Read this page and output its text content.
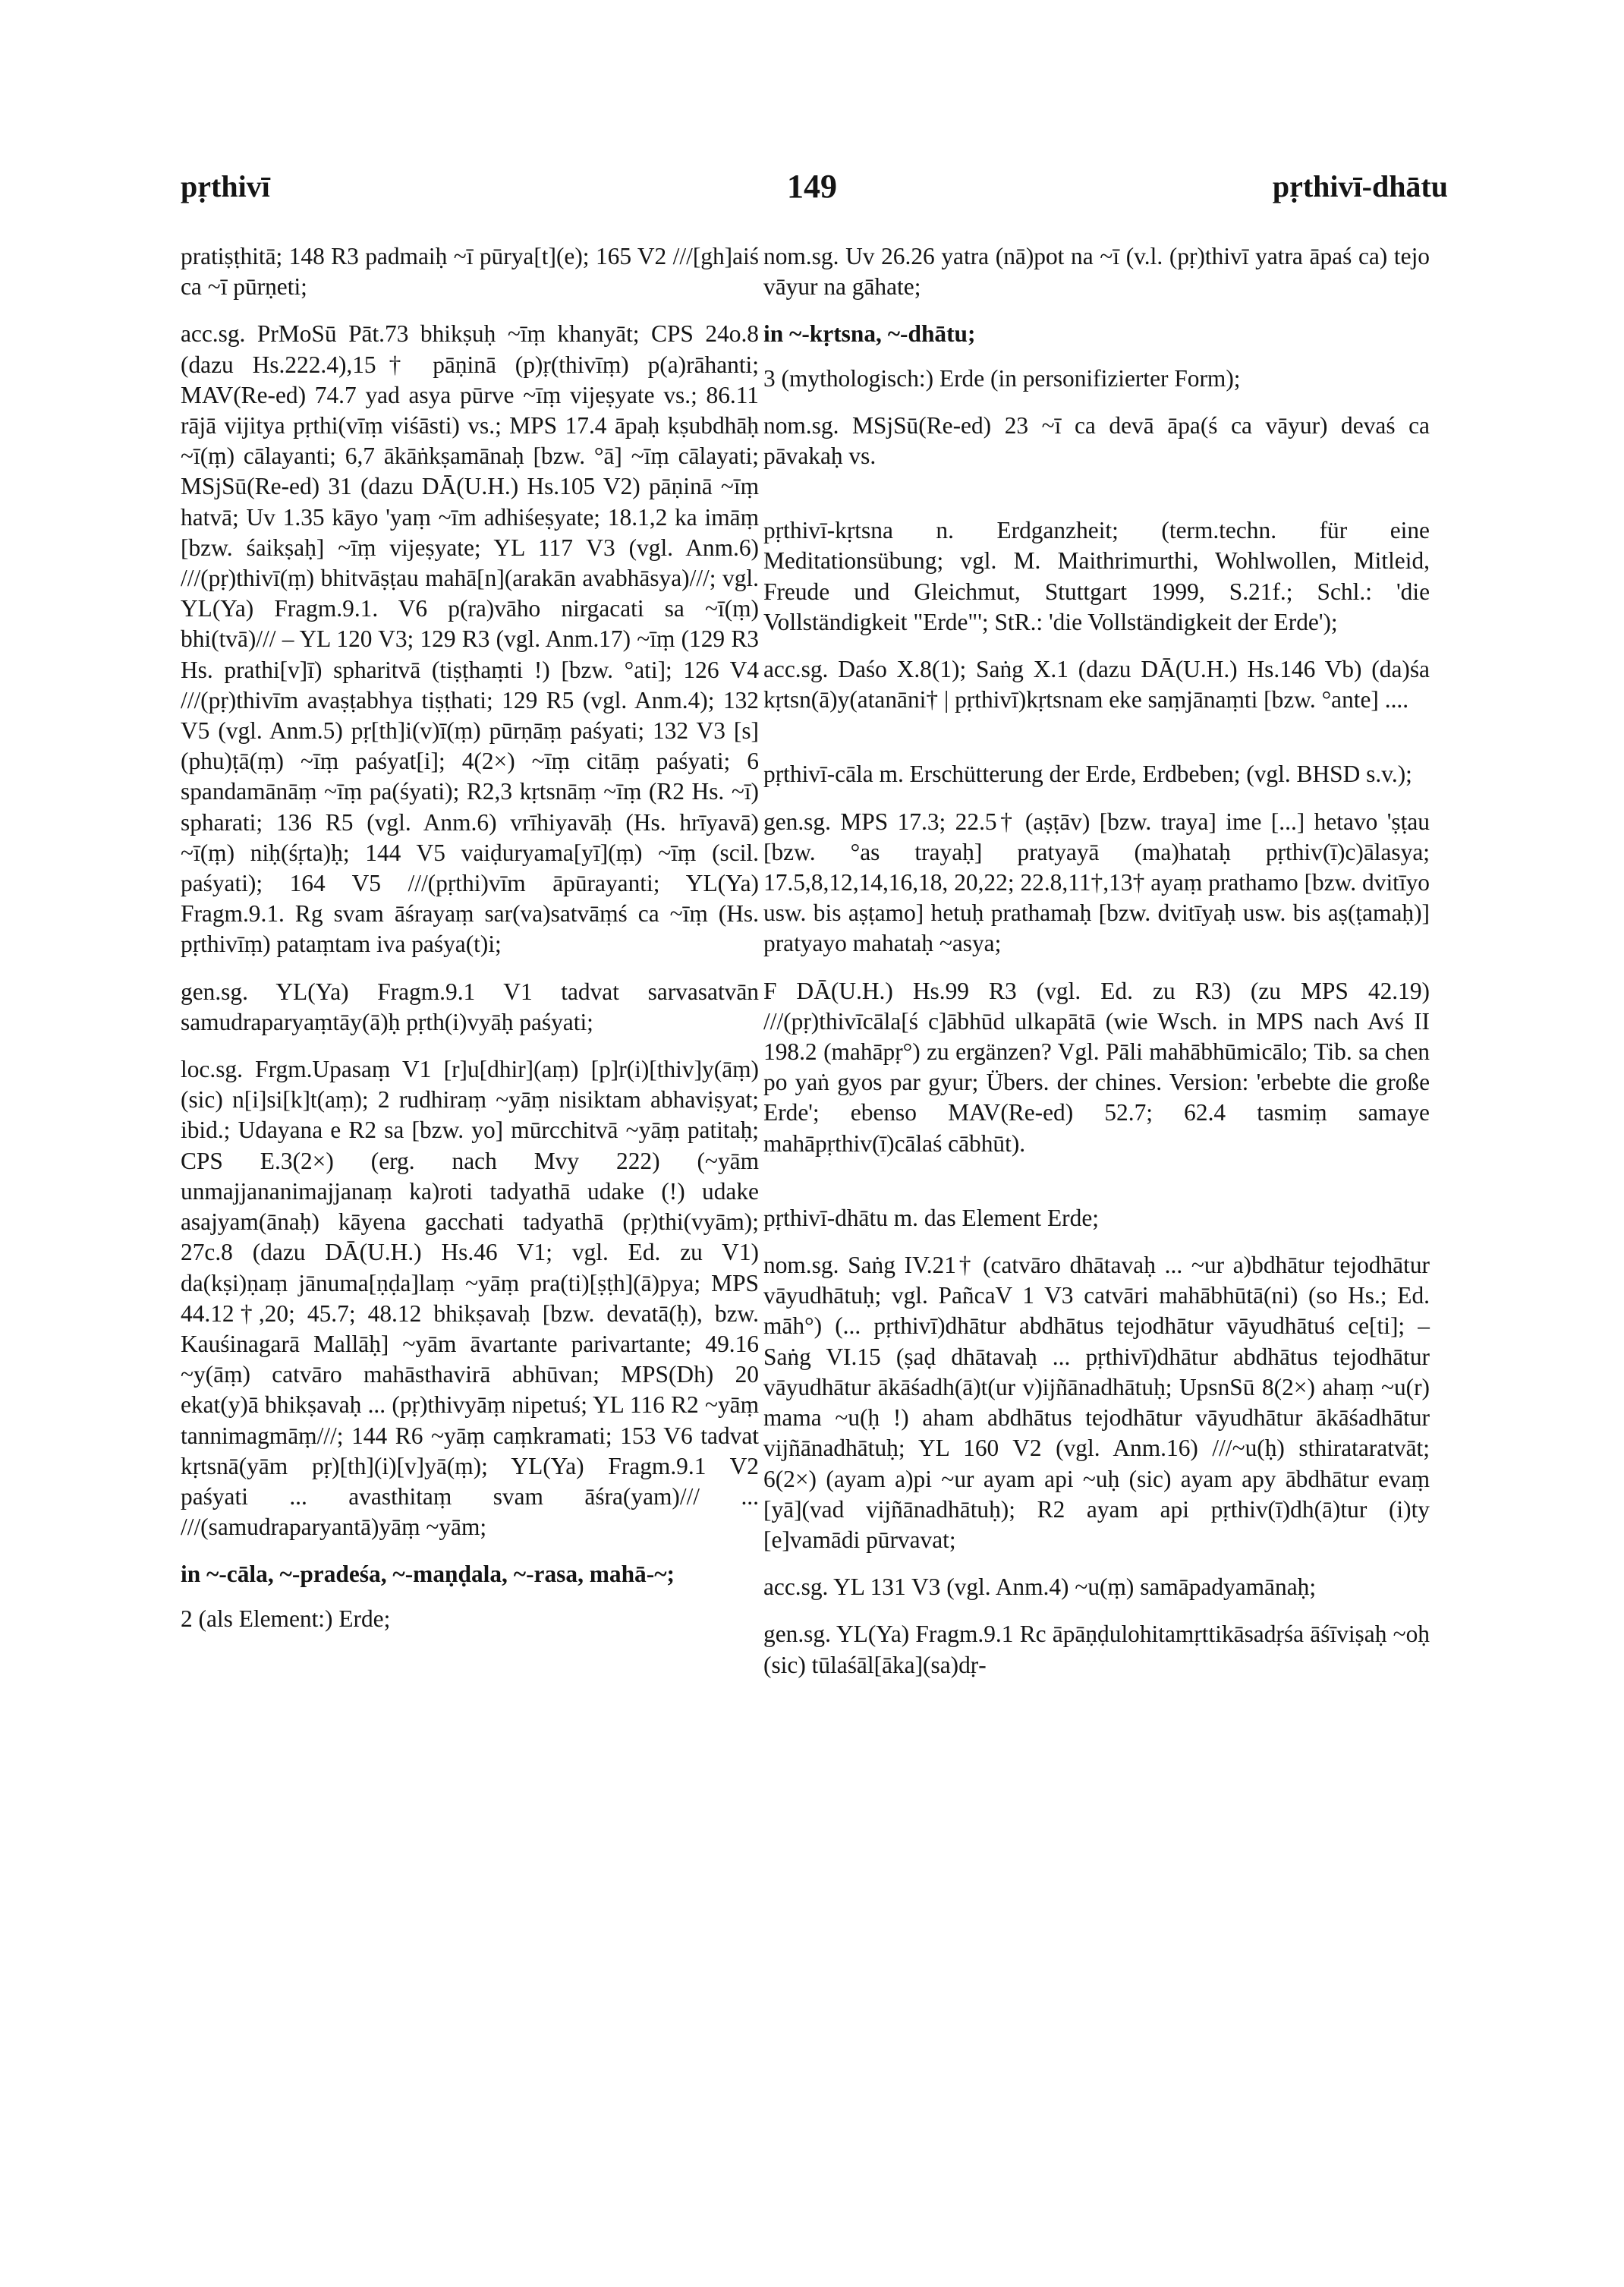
pṛthivī	149	pṛthivī-dhātu

pratiṣṭhitā; 148 R3 padmaiḥ ~ī pūrya[t](e); 165 V2 ///[gh]aiś ca ~ī pūrṇeti;

acc.sg. PrMoSū Pāt.73 bhikṣuḥ ~īṃ khanyāt; CPS 24o.8 (dazu Hs.222.4),15† pāṇinā (p)ṛ(thivīṃ) p(a)rāhanti; MAV(Re-ed) 74.7 yad asya pūrve ~īṃ vijeṣyate vs.; 86.11 rājā vijitya pṛthi(vīṃ viśāsti) vs.; MPS 17.4 āpaḥ kṣubdhāḥ ~ī(ṃ) cālayanti; 6,7 ākāṅkṣamānaḥ [bzw. °ā] ~īṃ cālayati; MSjSū(Re-ed) 31 (dazu DĀ(U.H.) Hs.105 V2) pāṇinā ~īṃ hatvā; Uv 1.35 kāyo 'yaṃ ~īm adhiśeṣyate; 18.1,2 ka imāṃ [bzw. śaikṣaḥ] ~īṃ vijeṣyate; YL 117 V3 (vgl. Anm.6) ///(pṛ)thivī(ṃ) bhitvāṣṭau mahā[n](arakān avabhāsya)///; vgl. YL(Ya) Fragm.9.1. V6 p(ra)vāho nirgacati sa ~ī(ṃ) bhi(tvā)/// – YL 120 V3; 129 R3 (vgl. Anm.17) ~īṃ (129 R3 Hs. prathi[v]ī) spharitvā (tiṣṭhaṃti !) [bzw. °ati]; 126 V4 ///(pṛ)thivīm avaṣṭabhya tiṣṭhati; 129 R5 (vgl. Anm.4); 132 V5 (vgl. Anm.5) pṛ[th]i(v)ī(ṃ) pūrṇāṃ paśyati; 132 V3 [s](phu)ṭā(ṃ) ~īṃ paśyat[i]; 4(2×) ~īṃ citāṃ paśyati; 6 spandamānāṃ ~īṃ pa(śyati); R2,3 kṛtsnāṃ ~īṃ (R2 Hs. ~ī) spharati; 136 R5 (vgl. Anm.6) vrīhiyavāḥ (Hs. hrīyavā) ~ī(ṃ) niḥ(śṛta)ḥ; 144 V5 vaiḍuryama[yī](ṃ) ~īṃ (scil. paśyati); 164 V5 ///(pṛthi)vīm āpūrayanti; YL(Ya) Fragm.9.1. Rg svam āśrayaṃ sar(va)satvāṃś ca ~īṃ (Hs. pṛthivīṃ) pataṃtam iva paśya(t)i;

gen.sg. YL(Ya) Fragm.9.1 V1 tadvat sarvasatvān samudraparyaṃtāy(ā)ḥ pṛth(i)vyāḥ paśyati;

loc.sg. Frgm.Upasaṃ V1 [r]u[dhir](aṃ) [p]r(i)[thiv]y(āṃ) (sic) n[i]si[k]t(aṃ); 2 rudhiraṃ ~yāṃ nisiktam abhaviṣyat; ibid.; Udayana e R2 sa [bzw. yo] mūrcchitvā ~yāṃ patitaḥ; CPS E.3(2×) (erg. nach Mvy 222) (~yām unmajjananimajjanaṃ ka)roti tadyathā udake (!) udake asajyam(ānaḥ) kāyena gacchati tadyathā (pṛ)thi(vyām); 27c.8 (dazu DĀ(U.H.) Hs.46 V1; vgl. Ed. zu V1) da(kṣi)ṇaṃ jānuma[ṇḍa]laṃ ~yāṃ pra(ti)[ṣṭh](ā)pya; MPS 44.12†,20; 45.7; 48.12 bhikṣavaḥ [bzw. devatā(ḥ), bzw. Kauśinagarā Mallāḥ] ~yām āvartante parivartante; 49.16 ~y(āṃ) catvāro mahāsthavirā abhūvan; MPS(Dh) 20 ekat(y)ā bhikṣavaḥ ... (pṛ)thivyāṃ nipetuś; YL 116 R2 ~yāṃ tannimagmāṃ///; 144 R6 ~yāṃ caṃkramati; 153 V6 tadvat kṛtsnā(yām pṛ)[th](i)[v]yā(ṃ); YL(Ya) Fragm.9.1 V2 paśyati ... avasthitaṃ svam āśra(yam)/// ... ///(samudraparyantā)yāṃ ~yām;

in ~-cāla, ~-pradeśa, ~-maṇḍala, ~-rasa, mahā-~;

2 (als Element:) Erde;

nom.sg. Uv 26.26 yatra (nā)pot na ~ī (v.l. (pṛ)thivī yatra āpaś ca) tejo vāyur na gāhate;

in ~-kṛtsna, ~-dhātu;

3 (mythologisch:) Erde (in personifizierter Form);

nom.sg. MSjSū(Re-ed) 23 ~ī ca devā āpa(ś ca vāyur) devaś ca pāvakaḥ vs.

pṛthivī-kṛtsna n. Erdganzheit; (term.techn. für eine Meditationsübung; vgl. M. Maithrimurthi, Wohlwollen, Mitleid, Freude und Gleichmut, Stuttgart 1999, S.21f.; Schl.: 'die Vollständigkeit "Erde"'; StR.: 'die Vollständigkeit der Erde');

acc.sg. Daśo X.8(1); Saṅg X.1 (dazu DĀ(U.H.) Hs.146 Vb) (da)śa kṛtsn(ā)y(atanāni† | pṛthivī)kṛtsnam eke saṃjānaṃti [bzw. °ante] ....

pṛthivī-cāla m. Erschütterung der Erde, Erdbeben; (vgl. BHSD s.v.);

gen.sg. MPS 17.3; 22.5† (aṣṭāv) [bzw. traya] ime [...] hetavo 'ṣṭau [bzw. °as trayaḥ] pratyayā (ma)hataḥ pṛthiv(ī)c)ālasya; 17.5,8,12,14,16,18, 20,22; 22.8,11†,13† ayaṃ prathamo [bzw. dvitīyo usw. bis aṣṭamo] hetuḥ prathamaḥ [bzw. dvitīyaḥ usw. bis aṣ(ṭamaḥ)] pratyayo mahataḥ ~asya;

F DĀ(U.H.) Hs.99 R3 (vgl. Ed. zu R3) (zu MPS 42.19) ///(pṛ)thivīcāla[ś c]ābhūd ulkapātā (wie Wsch. in MPS nach Avś II 198.2 (mahāpṛ°) zu ergänzen? Vgl. Pāli mahābhūmicālo; Tib. sa chen po yaṅ gyos par gyur; Übers. der chines. Version: 'erbebte die große Erde'; ebenso MAV(Re-ed) 52.7; 62.4 tasmiṃ samaye mahāpṛthiv(ī)cālaś cābhūt).

pṛthivī-dhātu m. das Element Erde;

nom.sg. Saṅg IV.21† (catvāro dhātavaḥ ... ~ur a)bdhātur tejodhātur vāyudhātuḥ; vgl. PañcaV 1 V3 catvāri mahābhūtā(ni) (so Hs.; Ed. māh°) (... pṛthivī)dhātur abdhātus tejodhātur vāyudhātuś ce[ti]; – Saṅg VI.15 (ṣaḍ dhātavaḥ ... pṛthivī)dhātur abdhātus tejodhātur vāyudhātur ākāśadh(ā)t(ur v)ijñānadhātuḥ; UpsnSū 8(2×) ahaṃ ~u(r) mama ~u(ḥ !) aham abdhātus tejodhātur vāyudhātur ākāśadhātur vijñānadhātuḥ; YL 160 V2 (vgl. Anm.16) ///~u(ḥ) sthirataratvāt; 6(2×) (ayam a)pi ~ur ayam api ~uḥ (sic) ayam apy ābdhātur evaṃ [yā](vad vijñānadhātuḥ); R2 ayam api pṛthiv(ī)dh(ā)tur (i)ty [e]vamādi pūrvavat;

acc.sg. YL 131 V3 (vgl. Anm.4) ~u(ṃ) samāpadyamānaḥ;

gen.sg. YL(Ya) Fragm.9.1 Rc āpāṇḍulohitamṛttikāsadṛśa āśīviṣaḥ ~oḥ (sic) tūlaśāl[āka](sa)dṛ-
